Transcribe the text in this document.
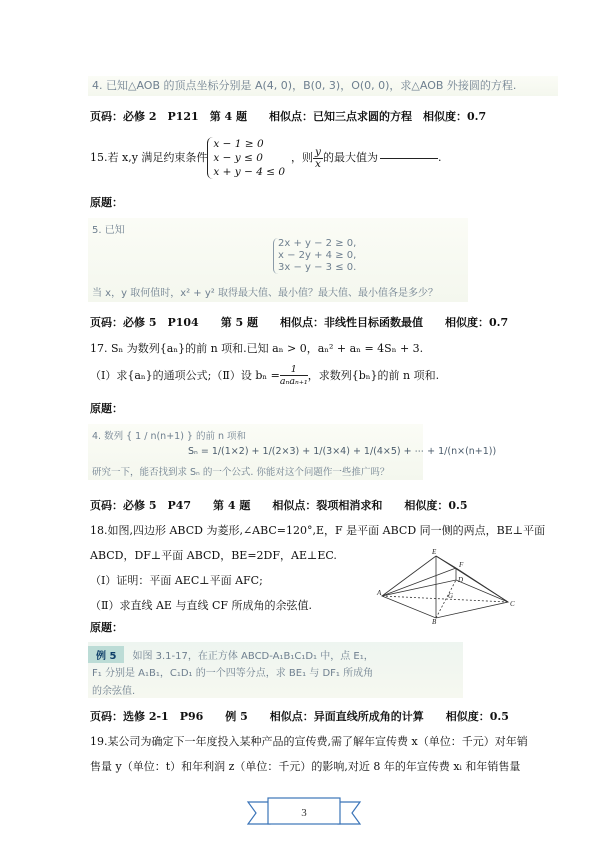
4. 已知△AOB 的顶点坐标分别是 A(4, 0)，B(0, 3)，O(0, 0)，求△AOB 外接圆的方程.
页码：必修 2　P121　第 4 题　　相似点：已知三点求圆的方程　相似度：0.7
15.若 x,y 满足约束条件
x − 1 ≥ 0
x − y ≤ 0
x + y − 4 ≤ 0
，则 $\frac{y}{x}$ 的最大值为	.
原题：
5. 已知
2x + y − 2 ≥ 0,
x − 2y + 4 ≥ 0,
3x − y − 3 ≤ 0.
当 x，y 取何值时，x² + y² 取得最大值、最小值？最大值、最小值各是多少？
页码：必修 5　P104　　第 5 题　　相似点：非线性目标函数最值　　相似度：0.7
17. Sₙ 为数列{aₙ}的前 n 项和.已知 aₙ > 0，aₙ² + aₙ = 4Sₙ + 3.
（Ⅰ）求{aₙ}的通项公式;（Ⅱ）设 $b_n = \frac{1}{\text{aₙaₙ₊₁}}$ ，求数列{bₙ}的前 n 项和.
原题：
4. 数列 { 1 / n(n+1) } 的前 n 项和
Sₙ = 1/(1×2) + 1/(2×3) + 1/(3×4) + 1/(4×5) + ⋯ + 1/(n×(n+1))
研究一下，能否找到求 Sₙ 的一个公式. 你能对这个问题作一些推广吗？
页码：必修 5　P47　　第 4 题　　相似点：裂项相消求和　　相似度：0.5
18.如图,四边形 ABCD 为菱形,∠ABC=120°,E，F 是平面 ABCD 同一侧的两点，BE⊥平面
ABCD，DF⊥平面 ABCD，BE=2DF，AE⊥EC.
（Ⅰ）证明：平面 AEC⊥平面 AFC;
（Ⅱ）求直线 AE 与直线 CF 所成角的余弦值.
E
F
A
B
C
D
G
原题：
例 5 如图 3.1-17，在正方体 ABCD-A₁B₁C₁D₁ 中，点 E₁，
F₁ 分别是 A₁B₁，C₁D₁ 的一个四等分点，求 BE₁ 与 DF₁ 所成角
的余弦值.
页码：选修 2-1　P96　　例 5　　相似点：异面直线所成角的计算　　相似度：0.5
19.某公司为确定下一年度投入某种产品的宣传费,需了解年宣传费 x（单位：千元）对年销
售量 y（单位：t）和年利润 z（单位：千元）的影响,对近 8 年的年宣传费 xᵢ 和年销售量
3
